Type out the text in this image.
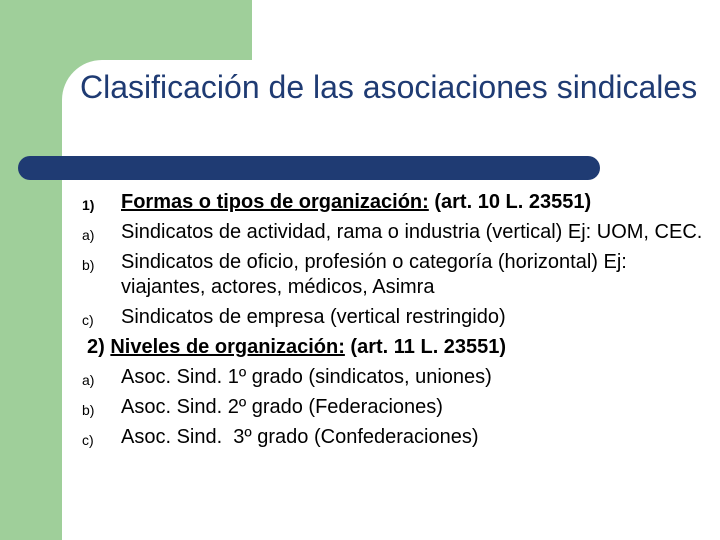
Clasificación de las asociaciones sindicales
1) Formas o tipos de organización: (art. 10 L. 23551)
a) Sindicatos de actividad, rama o industria (vertical) Ej: UOM, CEC.
b) Sindicatos de oficio, profesión o categoría (horizontal) Ej: viajantes, actores, médicos, Asimra
c) Sindicatos de empresa (vertical restringido)
2) Niveles de organización: (art. 11 L. 23551)
a) Asoc. Sind. 1º grado (sindicatos, uniones)
b) Asoc. Sind. 2º grado (Federaciones)
c) Asoc. Sind.  3º grado (Confederaciones)
